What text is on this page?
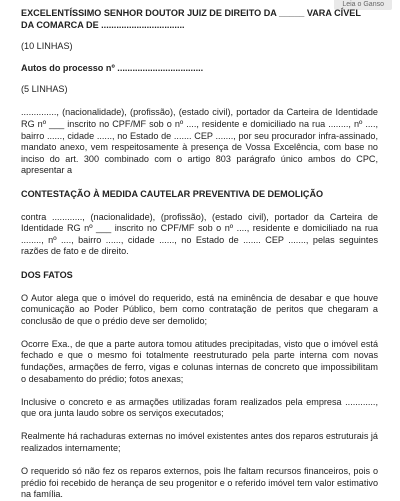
Leia o Ganso

EXCELENTÍSSIMO SENHOR DOUTOR JUIZ DE DIREITO DA _____ VARA CÍVEL

DA COMARCA DE .................................

(10 LINHAS)

Autos do processo nº ..................................

(5 LINHAS)

.............., (nacionalidade), (profissão), (estado civil), portador da Carteira de Identidade RG nº ___ inscrito no CPF/MF sob o nº ...., residente e domiciliado na rua ........, nº ...., bairro ......, cidade ......, no Estado de ....... CEP ......., por seu procurador infra-assinado, mandato anexo, vem respeitosamente à presença de Vossa Excelência, com base no inciso do art. 300 combinado com o artigo 803 parágrafo único ambos do CPC, apresentar a

CONTESTAÇÃO À MEDIDA CAUTELAR PREVENTIVA DE DEMOLIÇÃO

contra ............, (nacionalidade), (profissão), (estado civil), portador da Carteira de Identidade RG nº ___ inscrito no CPF/MF sob o nº ...., residente e domiciliado na rua ........, nº ...., bairro ......, cidade ......, no Estado de ....... CEP ......., pelas seguintes razões de fato e de direito.

DOS FATOS

O Autor alega que o imóvel do requerido, está na eminência de desabar e que houve comunicação ao Poder Público, bem como contratação de peritos que chegaram a conclusão de que o prédio deve ser demolido;

Ocorre Exa., de que a parte autora tomou atitudes precipitadas, visto que o imóvel está fechado e que o mesmo foi totalmente reestruturado pela parte interna com novas fundações, armações de ferro, vigas e colunas internas de concreto que impossibilitam o desabamento do prédio; fotos anexas;

Inclusive o concreto e as armações utilizadas foram realizados pela empresa ............, que ora junta laudo sobre os serviços executados;

Realmente há rachaduras externas no imóvel existentes antes dos reparos estruturais já realizados internamente;

O requerido só não fez os reparos externos, pois lhe faltam recursos financeiros, pois o prédio foi recebido de herança de seu progenitor e o referido imóvel tem valor estimativo na família.
